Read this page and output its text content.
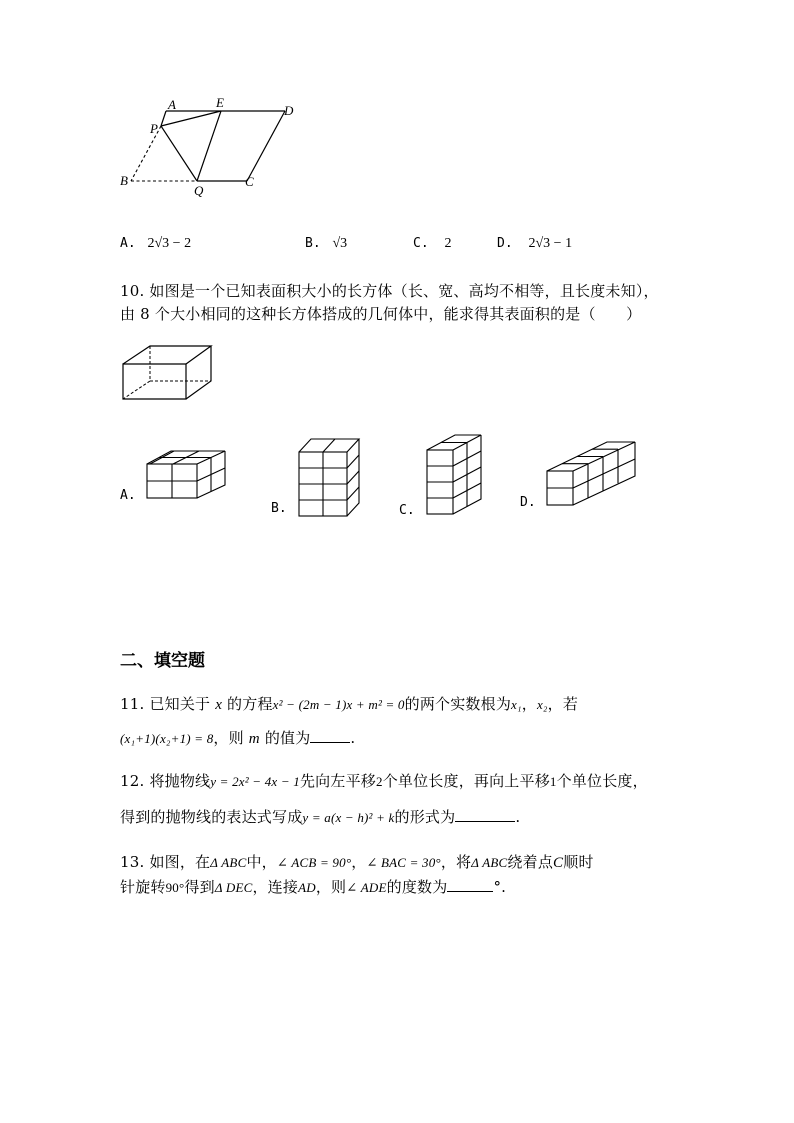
A	E
D
P
B
Q
C
A. 2√3 − 2	B. √3	C. 2	D. 2√3 − 1
10. 如图是一个已知表面积大小的长方体（长、宽、高均不相等，且长度未知），
由 8 个大小相同的这种长方体搭成的几何体中，能求得其表面积的是（　　）
A.
B.	C.
D.
二、填空题
11. 已知关于 x 的方程x² − (2m − 1)x + m² = 0的两个实数根为x₁，x₂，若
(x₁+1)(x₂+1) = 8，则 m 的值为	.
12. 将抛物线y = 2x² − 4x − 1先向左平移2个单位长度，再向上平移1个单位长度，
得到的抛物线的表达式写成y = a(x − h)² + k的形式为	.
13. 如图，在Δ ABC中，∠ ACB = 90°，∠ BAC = 30°，将Δ ABC绕着点C顺时
针旋转90°得到Δ DEC，连接AD，则∠ ADE的度数为	°.
